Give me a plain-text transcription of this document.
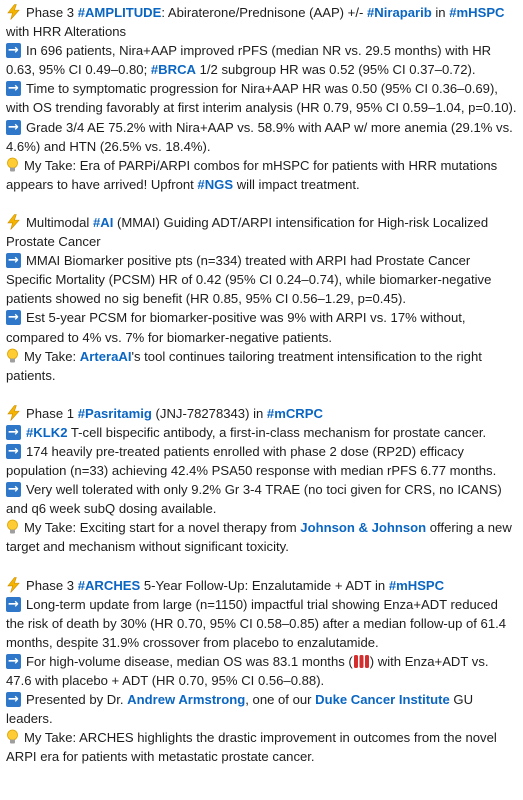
Phase 3 #AMPLITUDE: Abiraterone/Prednisone (AAP) +/- #Niraparib in #mHSPC with HRR Alterations
→In 696 patients, Nira+AAP improved rPFS (median NR vs. 29.5 months) with HR 0.63, 95% CI 0.49–0.80; #BRCA 1/2 subgroup HR was 0.52 (95% CI 0.37–0.72).
→Time to symptomatic progression for Nira+AAP HR was 0.50 (95% CI 0.36–0.69), with OS trending favorably at first interim analysis (HR 0.79, 95% CI 0.59–1.04, p=0.10).
→Grade 3/4 AE 75.2% with Nira+AAP vs. 58.9% with AAP w/ more anemia (29.1% vs. 4.6%) and HTN (26.5% vs. 18.4%).
My Take: Era of PARPi/ARPI combos for mHSPC for patients with HRR mutations appears to have arrived! Upfront #NGS will impact treatment.
Multimodal #AI (MMAI) Guiding ADT/ARPI intensification for High-risk Localized Prostate Cancer
→MMAI Biomarker positive pts (n=334) treated with ARPI had Prostate Cancer Specific Mortality (PCSM) HR of 0.42 (95% CI 0.24–0.74), while biomarker-negative patients showed no sig benefit (HR 0.85, 95% CI 0.56–1.29, p=0.45).
→Est 5-year PCSM for biomarker-positive was 9% with ARPI vs. 17% without, compared to 4% vs. 7% for biomarker-negative patients.
My Take: ArteraAI's tool continues tailoring treatment intensification to the right patients.
Phase 1 #Pasritamig (JNJ-78278343) in #mCRPC
→#KLK2 T-cell bispecific antibody, a first-in-class mechanism for prostate cancer.
→174 heavily pre-treated patients enrolled with phase 2 dose (RP2D) efficacy population (n=33) achieving 42.4% PSA50 response with median rPFS 6.77 months.
→Very well tolerated with only 9.2% Gr 3-4 TRAE (no toci given for CRS, no ICANS) and q6 week subQ dosing available.
My Take: Exciting start for a novel therapy from Johnson & Johnson offering a new target and mechanism without significant toxicity.
Phase 3 #ARCHES 5-Year Follow-Up: Enzalutamide + ADT in #mHSPC
→Long-term update from large (n=1150) impactful trial showing Enza+ADT reduced the risk of death by 30% (HR 0.70, 95% CI 0.58–0.85) after a median follow-up of 61.4 months, despite 31.9% crossover from placebo to enzalutamide.
→For high-volume disease, median OS was 83.1 months ( ) with Enza+ADT vs. 47.6 with placebo + ADT (HR 0.70, 95% CI 0.56–0.88).
→Presented by Dr. Andrew Armstrong, one of our Duke Cancer Institute GU leaders.
My Take: ARCHES highlights the drastic improvement in outcomes from the novel ARPI era for patients with metastatic prostate cancer.
